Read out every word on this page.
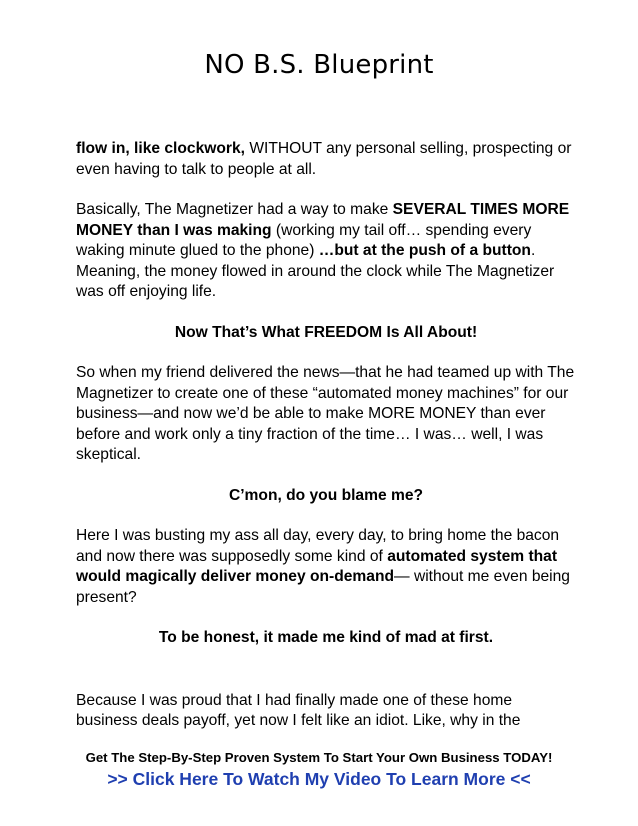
NO B.S. Blueprint

flow in, like clockwork, WITHOUT any personal selling, prospecting or even having to talk to people at all.

Basically, The Magnetizer had a way to make SEVERAL TIMES MORE MONEY than I was making (working my tail off… spending every waking minute glued to the phone) …but at the push of a button. Meaning, the money flowed in around the clock while The Magnetizer was off enjoying life.

Now That’s What FREEDOM Is All About!

So when my friend delivered the news—that he had teamed up with The Magnetizer to create one of these “automated money machines” for our business—and now we’d be able to make MORE MONEY than ever before and work only a tiny fraction of the time… I was… well, I was skeptical.

C’mon, do you blame me?

Here I was busting my ass all day, every day, to bring home the bacon and now there was supposedly some kind of automated system that would magically deliver money on-demand— without me even being present?

To be honest, it made me kind of mad at first.

Because I was proud that I had finally made one of these home business deals payoff, yet now I felt like an idiot. Like, why in the

Get The Step-By-Step Proven System To Start Your Own Business TODAY!
>> Click Here To Watch My Video To Learn More <<
